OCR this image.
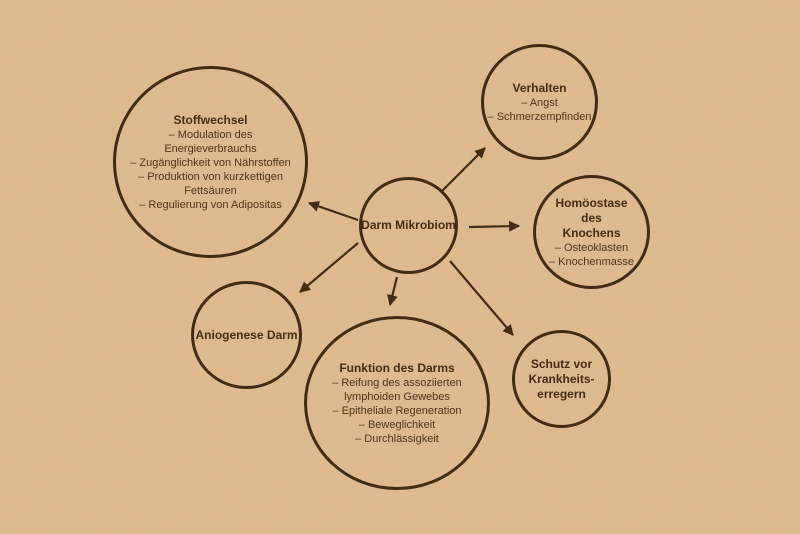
Stoffwechsel
– Modulation des Energieverbrauchs
– Zugänglichkeit von Nährstoffen
– Produktion von kurzkettigen Fettsäuren
– Regulierung von Adipositas
Verhalten
– Angst
– Schmerzempfinden
Homöostase des Knochens
– Osteoklasten
– Knochenmasse
Darm Mikrobiom
Aniogenese Darm
Funktion des Darms
– Reifung des assoziierten lymphoiden Gewebes
– Epitheliale Regeneration
– Beweglichkeit
– Durchlässigkeit
Schutz vor Krankheits-erregern
